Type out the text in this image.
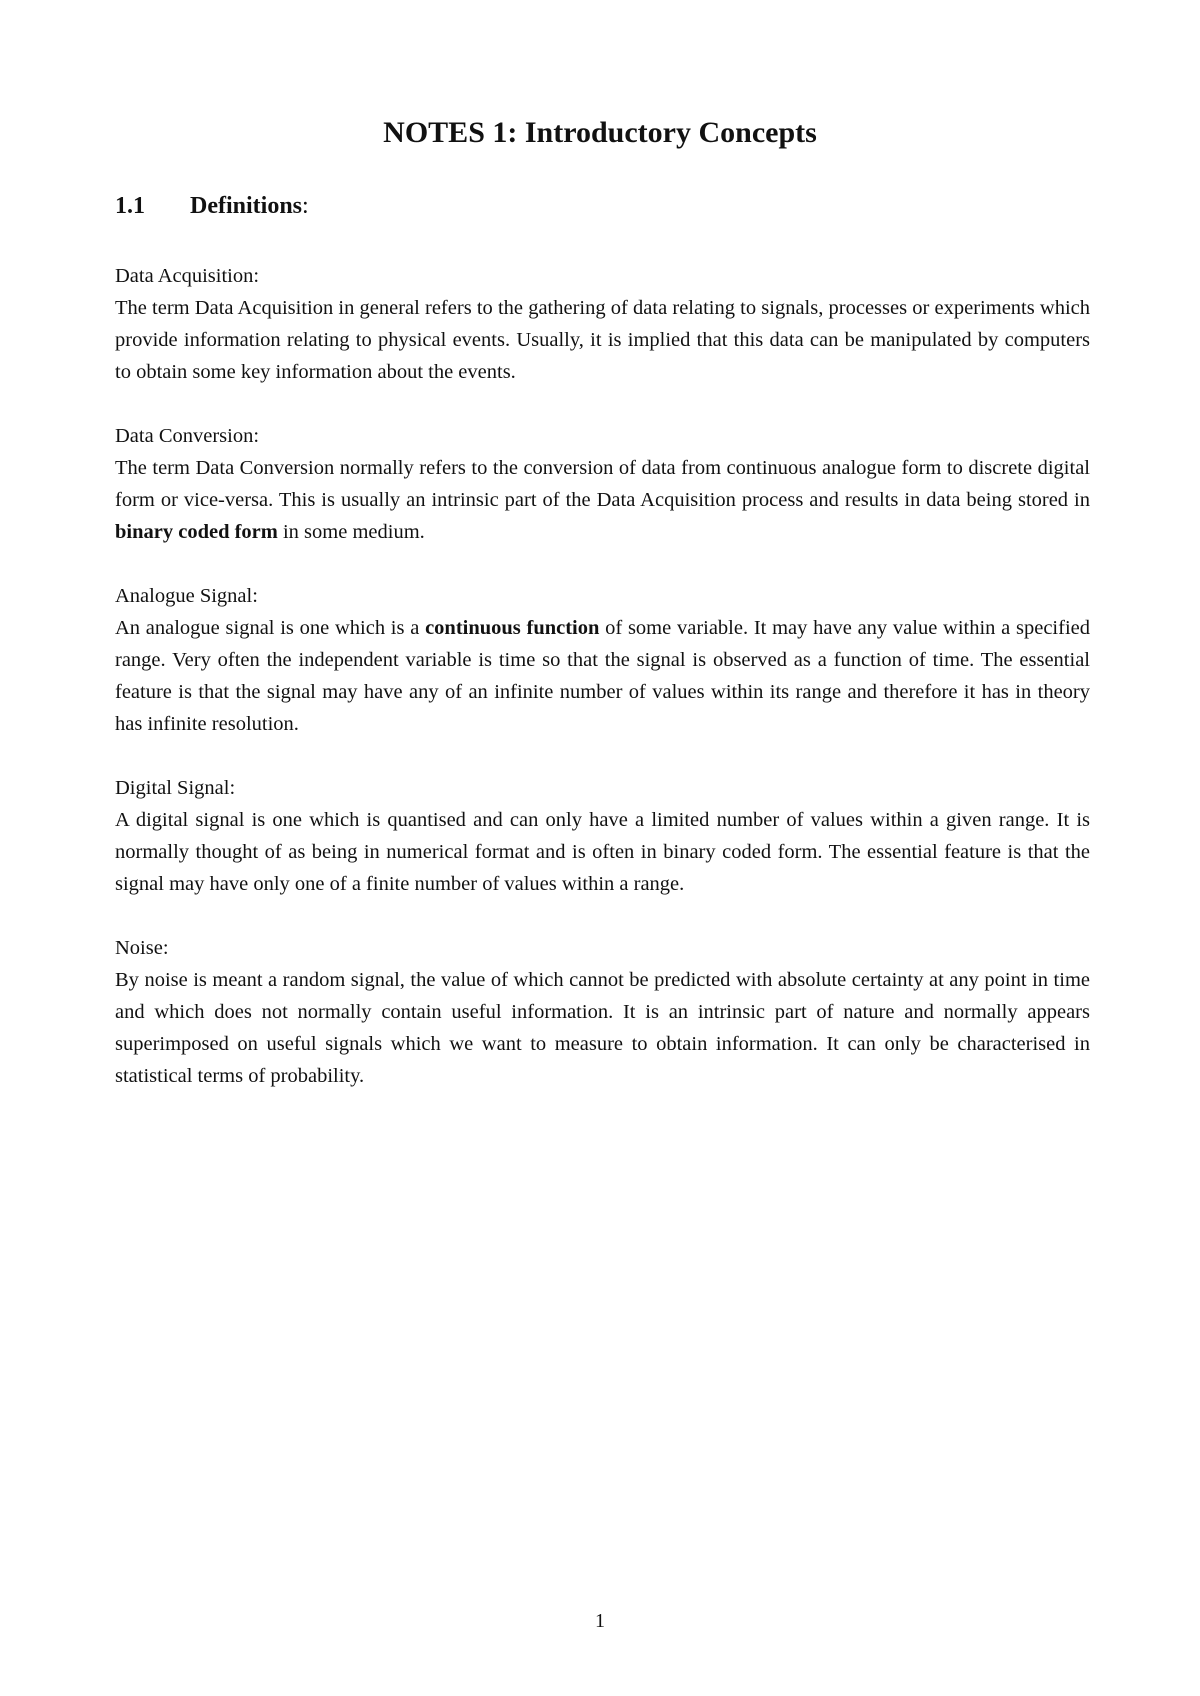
NOTES 1: Introductory Concepts
1.1 Definitions:

Data Acquisition:

The term Data Acquisition in general refers to the gathering of data relating to signals, processes or experiments which provide information relating to physical events. Usually, it is implied that this data can be manipulated by computers to obtain some key information about the events.

Data Conversion:

The term Data Conversion normally refers to the conversion of data from continuous analogue form to discrete digital form or vice-versa. This is usually an intrinsic part of the Data Acquisition process and results in data being stored in binary coded form in some medium.

Analogue Signal:

An analogue signal is one which is a continuous function of some variable. It may have any value within a specified range. Very often the independent variable is time so that the signal is observed as a function of time. The essential feature is that the signal may have any of an infinite number of values within its range and therefore it has in theory has infinite resolution.

Digital Signal:

A digital signal is one which is quantised and can only have a limited number of values within a given range. It is normally thought of as being in numerical format and is often in binary coded form. The essential feature is that the signal may have only one of a finite number of values within a range.

Noise:

By noise is meant a random signal, the value of which cannot be predicted with absolute certainty at any point in time and which does not normally contain useful information. It is an intrinsic part of nature and normally appears superimposed on useful signals which we want to measure to obtain information. It can only be characterised in statistical terms of probability.

1
